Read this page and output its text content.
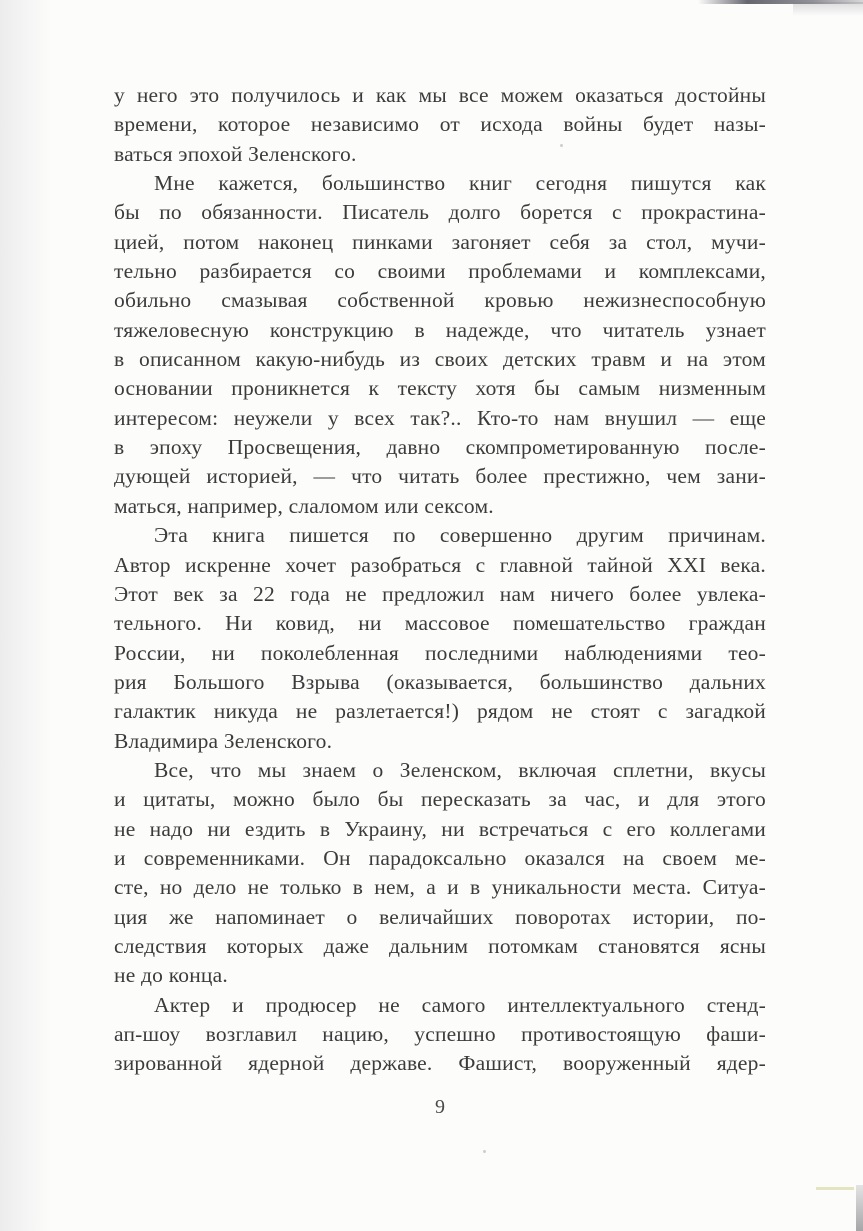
у него это получилось и как мы все можем оказаться достойны
времени, которое независимо от исхода войны будет назы-
ваться эпохой Зеленского.
Мне кажется, большинство книг сегодня пишутся как
бы по обязанности. Писатель долго борется с прокрастина-
цией, потом наконец пинками загоняет себя за стол, мучи-
тельно разбирается со своими проблемами и комплексами,
обильно смазывая собственной кровью нежизнеспособную
тяжеловесную конструкцию в надежде, что читатель узнает
в описанном какую-нибудь из своих детских травм и на этом
основании проникнется к тексту хотя бы самым низменным
интересом: неужели у всех так?.. Кто-то нам внушил — еще
в эпоху Просвещения, давно скомпрометированную после-
дующей историей, — что читать более престижно, чем зани-
маться, например, слаломом или сексом.
Эта книга пишется по совершенно другим причинам.
Автор искренне хочет разобраться с главной тайной XXI века.
Этот век за 22 года не предложил нам ничего более увлека-
тельного. Ни ковид, ни массовое помешательство граждан
России, ни поколебленная последними наблюдениями тео-
рия Большого Взрыва (оказывается, большинство дальних
галактик никуда не разлетается!) рядом не стоят с загадкой
Владимира Зеленского.
Все, что мы знаем о Зеленском, включая сплетни, вкусы
и цитаты, можно было бы пересказать за час, и для этого
не надо ни ездить в Украину, ни встречаться с его коллегами
и современниками. Он парадоксально оказался на своем ме-
сте, но дело не только в нем, а и в уникальности места. Ситуа-
ция же напоминает о величайших поворотах истории, по-
следствия которых даже дальним потомкам становятся ясны
не до конца.
Актер и продюсер не самого интеллектуального стенд-
ап-шоу возглавил нацию, успешно противостоящую фаши-
зированной ядерной державе. Фашист, вооруженный ядер-
9
